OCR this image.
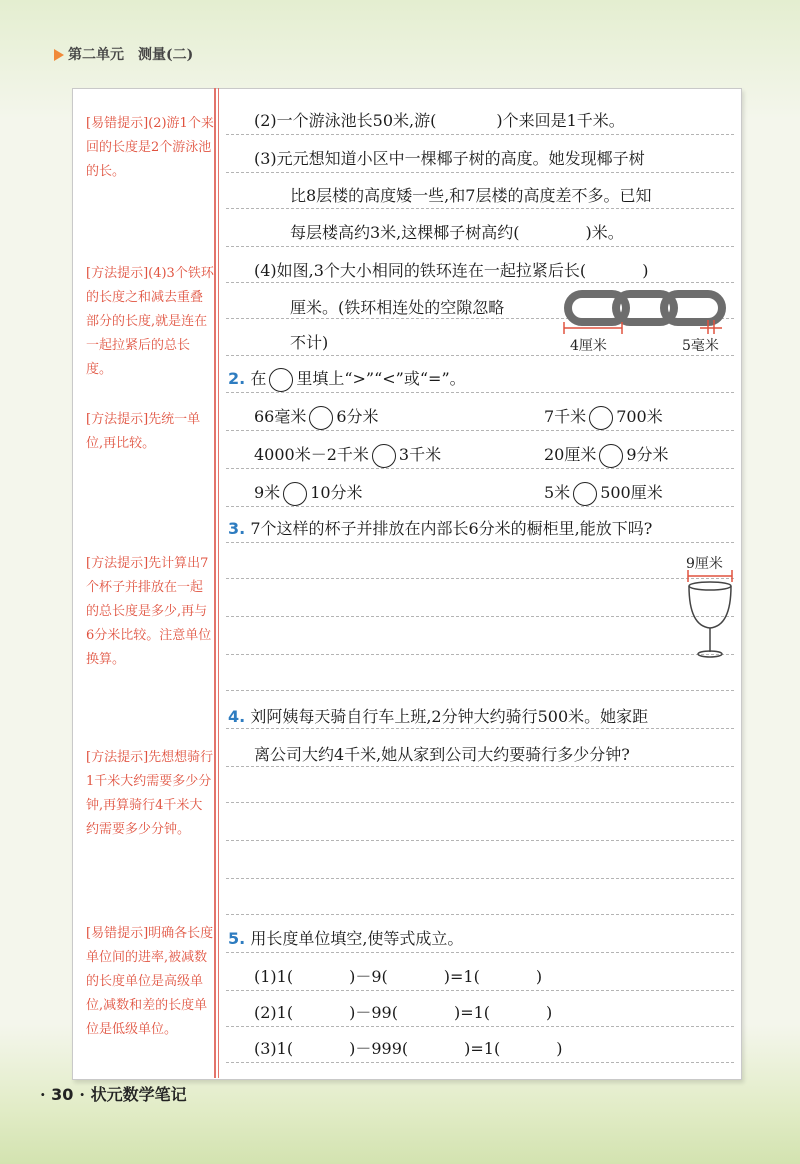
第二单元 测量(二)
[易错提示](2)游1个来回的长度是2个游泳池的长。
[方法提示](4)3个铁环的长度之和减去重叠部分的长度,就是连在一起拉紧后的总长度。
[方法提示]先统一单位,再比较。
[方法提示]先计算出7个杯子并排放在一起的总长度是多少,再与6分米比较。注意单位换算。
[方法提示]先想想骑行1千米大约需要多少分钟,再算骑行4千米大约需要多少分钟。
[易错提示]明确各长度单位间的进率,被减数的长度单位是高级单位,减数和差的长度单位是低级单位。
(2)一个游泳池长50米,游(	)个来回是1千米。
(3)元元想知道小区中一棵椰子树的高度。她发现椰子树
比8层楼的高度矮一些,和7层楼的高度差不多。已知
每层楼高约3米,这棵椰子树高约(	)米。
(4)如图,3个大小相同的铁环连在一起拉紧后长(	)
厘米。(铁环相连处的空隙忽略
不计)	4厘米	5毫米
2. 在 里填上“>”“<”或“=”。
66毫米 6分米	7千米 700米
4000米－2千米 3千米	20厘米 9分米
9米 10分米	5米 500厘米
3. 7个这样的杯子并排放在内部长6分米的橱柜里,能放下吗?
9厘米
4. 刘阿姨每天骑自行车上班,2分钟大约骑行500米。她家距
离公司大约4千米,她从家到公司大约要骑行多少分钟?
5. 用长度单位填空,使等式成立。
(1)1(	)－9(	)=1(	)
(2)1(	)－99(	)=1(	)
(3)1(	)－999(	)=1(	)
· 30 · 状元数学笔记
